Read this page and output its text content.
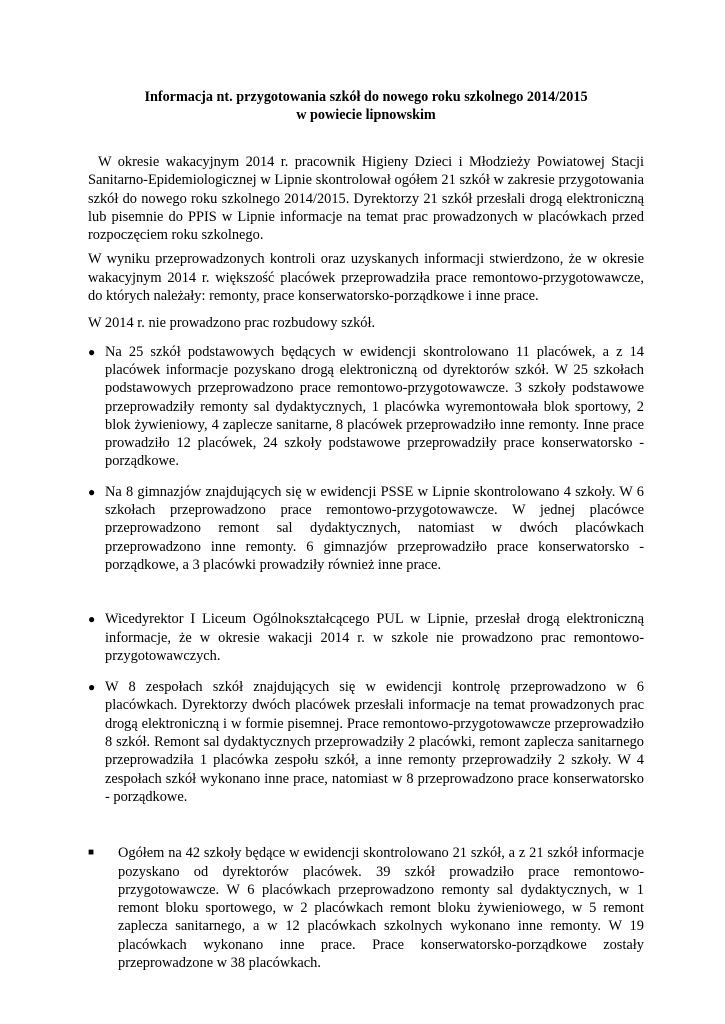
Informacja nt. przygotowania szkół do nowego roku szkolnego 2014/2015
w powiecie lipnowskim

W okresie wakacyjnym 2014 r. pracownik Higieny Dzieci i Młodzieży Powiatowej Stacji Sanitarno-Epidemiologicznej w Lipnie skontrolował ogółem 21 szkół w zakresie przygotowania szkół do nowego roku szkolnego 2014/2015. Dyrektorzy 21 szkół przesłali drogą elektroniczną lub pisemnie do PPIS w Lipnie informacje na temat prac prowadzonych w placówkach przed rozpoczęciem roku szkolnego.

W wyniku przeprowadzonych kontroli oraz uzyskanych informacji stwierdzono, że w okresie wakacyjnym 2014 r. większość placówek przeprowadziła prace remontowo-przygotowawcze, do których należały: remonty, prace konserwatorsko-porządkowe i inne prace.

W 2014 r. nie prowadzono prac rozbudowy szkół.

● Na 25 szkół podstawowych będących w ewidencji skontrolowano 11 placówek, a z 14 placówek informacje pozyskano drogą elektroniczną od dyrektorów szkół. W 25 szkołach podstawowych przeprowadzono prace remontowo-przygotowawcze. 3 szkoły podstawowe przeprowadziły remonty sal dydaktycznych, 1 placówka wyremontowała blok sportowy, 2 blok żywieniowy, 4 zaplecze sanitarne, 8 placówek przeprowadziło inne remonty. Inne prace prowadziło 12 placówek, 24 szkoły podstawowe przeprowadziły prace konserwatorsko - porządkowe.

● Na 8 gimnazjów znajdujących się w ewidencji PSSE w Lipnie skontrolowano 4 szkoły. W 6 szkołach przeprowadzono prace remontowo-przygotowawcze. W jednej placówce przeprowadzono remont sal dydaktycznych, natomiast w dwóch placówkach przeprowadzono inne remonty. 6 gimnazjów przeprowadziło prace konserwatorsko - porządkowe, a 3 placówki prowadziły również inne prace.

● Wicedyrektor I Liceum Ogólnokształcącego PUL w Lipnie, przesłał drogą elektroniczną informacje, że w okresie wakacji 2014 r. w szkole nie prowadzono prac remontowo-przygotowawczych.

● W 8 zespołach szkół znajdujących się w ewidencji kontrolę przeprowadzono w 6 placówkach. Dyrektorzy dwóch placówek przesłali informacje na temat prowadzonych prac drogą elektroniczną i w formie pisemnej. Prace remontowo-przygotowawcze przeprowadziło 8 szkół. Remont sal dydaktycznych przeprowadziły 2 placówki, remont zaplecza sanitarnego przeprowadziła 1 placówka zespołu szkół, a inne remonty przeprowadziły 2 szkoły. W 4 zespołach szkół wykonano inne prace, natomiast w 8 przeprowadzono prace konserwatorsko - porządkowe.

■ Ogółem na 42 szkoły będące w ewidencji skontrolowano 21 szkół, a z 21 szkół informacje pozyskano od dyrektorów placówek. 39 szkół prowadziło prace remontowo-przygotowawcze. W 6 placówkach przeprowadzono remonty sal dydaktycznych, w 1 remont bloku sportowego, w 2 placówkach remont bloku żywieniowego, w 5 remont zaplecza sanitarnego, a w 12 placówkach szkolnych wykonano inne remonty. W 19 placówkach wykonano inne prace. Prace konserwatorsko-porządkowe zostały przeprowadzone w 38 placówkach.
